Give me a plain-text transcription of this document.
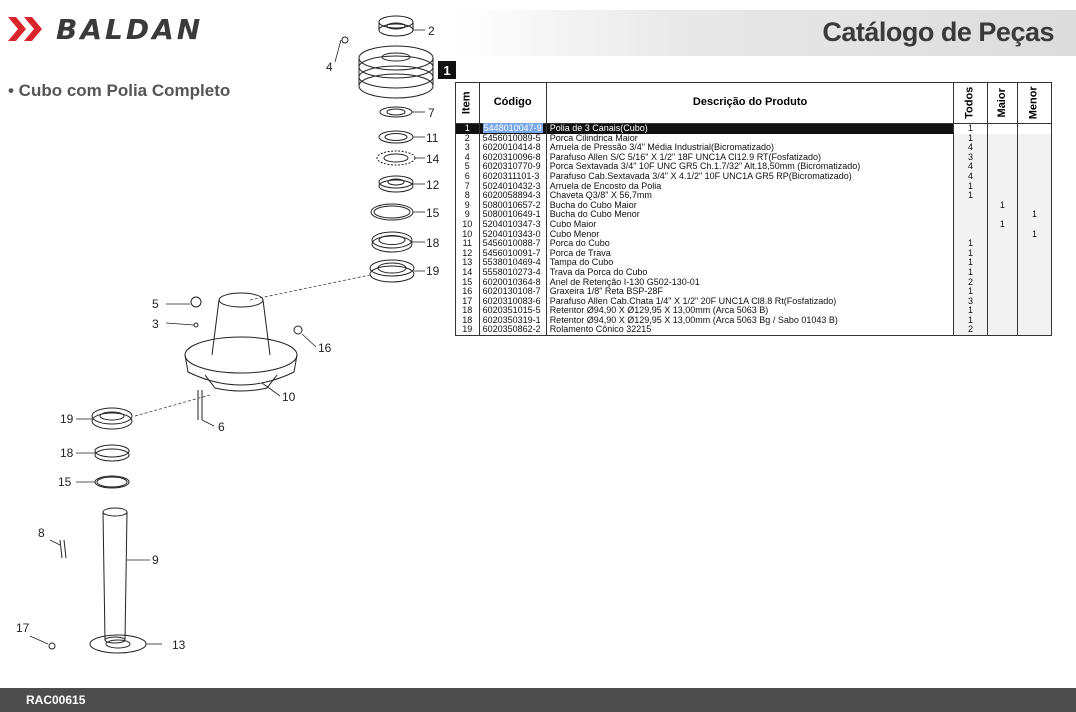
BALDAN	Catálogo de Peças
• Cubo com Polia Completo
2
4
7
11
14
12
15
18
19
5
3
16
10
6
19
18
15
8
9
17
13
1
Item	Código	Descrição do Produto	Todos	Maior	Menor
1	5448010047-9	Polia de 3 Canais(Cubo)	1		
2	5456010089-5	Porca Cilindrica Maior	1		
3	6020010414-8	Arruela de Pressão 3/4" Média Industrial(Bicromatizado)	4		
4	6020310096-8	Parafuso Allen S/C 5/16" X 1/2" 18F UNC1A Cl12.9 RT(Fosfatizado)	3		
5	6020310770-9	Porca Sextavada 3/4" 10F UNC GR5 Ch.1.7/32" Alt.18,50mm (Bicromatizado)	4		
6	6020311101-3	Parafuso Cab.Sextavada 3/4" X 4.1/2" 10F UNC1A GR5 RP(Bicromatizado)	4		
7	5024010432-3	Arruela de Encosto da Polia	1		
8	6020058894-3	Chaveta Q3/8" X 56,7mm	1		
9	5080010657-2	Bucha do Cubo Maior		1	
9	5080010649-1	Bucha do Cubo Menor			1
10	5204010347-3	Cubo Maior		1	
10	5204010343-0	Cubo Menor			1
11	5456010088-7	Porca do Cubo	1		
12	5456010091-7	Porca de Trava	1		
13	5538010469-4	Tampa do Cubo	1		
14	5558010273-4	Trava da Porca do Cubo	1		
15	6020010364-8	Anel de Retenção I-130 G502-130-01	2		
16	6020130108-7	Graxeira 1/8" Reta BSP-28F	1		
17	6020310083-6	Parafuso Allen Cab.Chata 1/4" X 1/2" 20F UNC1A Cl8.8 Rt(Fosfatizado)	3		
18	6020351015-5	Retentor Ø94,90 X Ø129,95 X 13,00mm (Arca 5063 B)	1		
18	6020350319-1	Retentor Ø94,90 X Ø129,95 X 13,00mm (Arca 5063 Bg / Sabo 01043 B)	1		
19	6020350862-2	Rolamento Cônico 32215	2		
RAC00615
